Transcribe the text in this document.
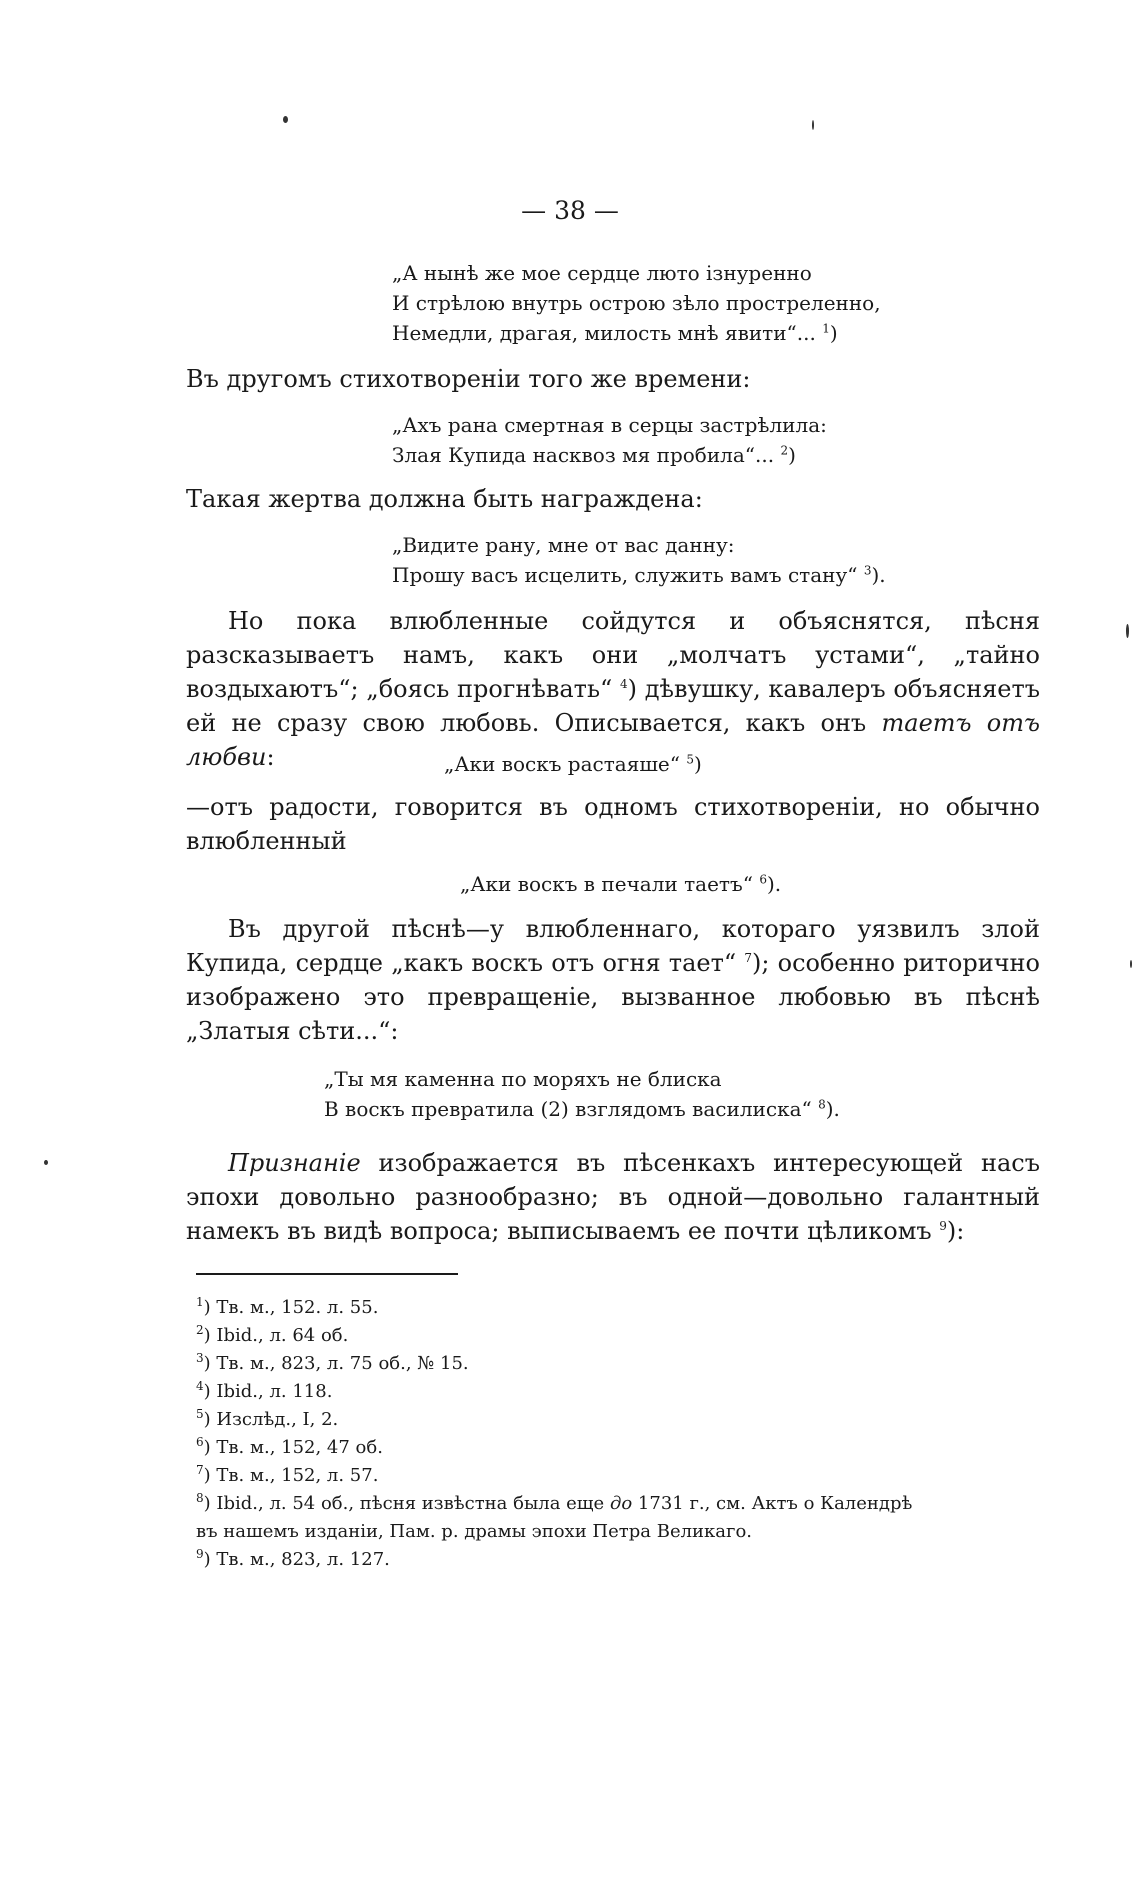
— 38 —
„А нынѣ же мое сердце люто ізнуренно
И стрѣлою внутрь острою зѣло простреленно,
Немедли, драгая, милость мнѣ явити“... $^1$)
Въ другомъ стихотвореніи того же времени:
„Ахъ рана смертная в серцы застрѣлила:
Злая Купида насквоз мя пробила“... $^2$)
Такая жертва должна быть награждена:
„Видите рану, мне от вас данну:
Прошу васъ исцелить, служить вамъ стану“ $^3$).
Но пока влюбленные сойдутся и объяснятся, пѣсня разсказываетъ намъ, какъ они „молчатъ устами“, „тайно воздыхаютъ“; „боясь прогнѣвать“ $^4$) дѣвушку, кавалеръ объясняетъ ей не сразу свою любовь. Описывается, какъ онъ таетъ отъ любви:	„Аки воскъ растаяше“ $^5$)
—отъ радости, говорится въ одномъ стихотвореніи, но обычно влюбленный
„Аки воскъ в печали таетъ“ $^6$).
Въ другой пѣснѣ—у влюбленнаго, котораго уязвилъ злой Купида, сердце „какъ воскъ отъ огня тает“ $^7$); особенно риторично изображено это превращеніе, вызванное любовью въ пѣснѣ „Златыя сѣти...“:
„Ты мя каменна по моряхъ не блиска
В воскъ превратила (2) взглядомъ василиска“ $^8$).
Признаніе изображается въ пѣсенкахъ интересующей насъ эпохи довольно разнообразно; въ одной—довольно галантный намекъ въ видѣ вопроса; выписываемъ ее почти цѣликомъ $^9$):
$^1$) Тв. м., 152. л. 55.
$^2$) Ibid., л. 64 об.
$^3$) Тв. м., 823, л. 75 об., № 15.
$^4$) Ibid., л. 118.
$^5$) Изслѣд., I, 2.
$^6$) Тв. м., 152, 47 об.
$^7$) Тв. м., 152, л. 57.
$^8$) Ibid., л. 54 об., пѣсня извѣстна была еще до 1731 г., см. Актъ о Календрѣ
въ нашемъ изданіи, Пам. р. драмы эпохи Петра Великаго.
$^9$) Тв. м., 823, л. 127.
